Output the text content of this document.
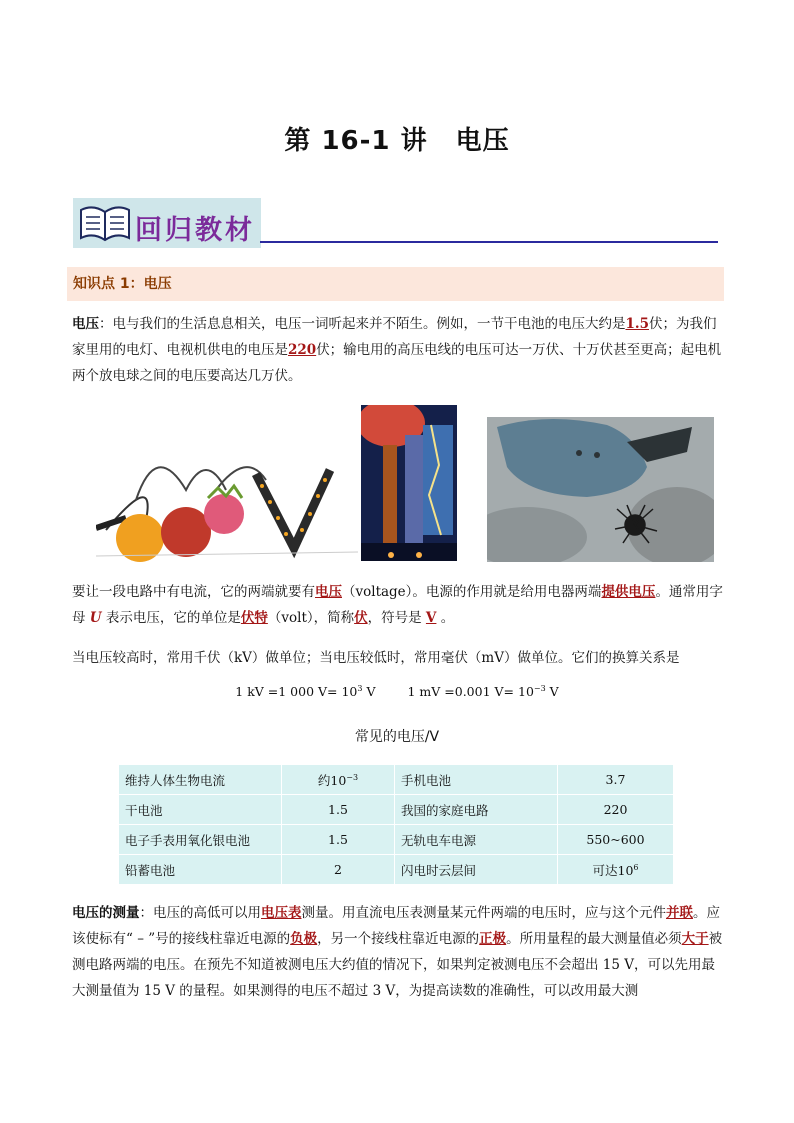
第 16-1 讲 电压
回归教材
知识点 1：电压
电压：电与我们的生活息息相关，电压一词听起来并不陌生。例如，一节干电池的电压大约是1.5伏；为我们家里用的电灯、电视机供电的电压是220伏；输电用的高压电线的电压可达一万伏、十万伏甚至更高；起电机两个放电球之间的电压要高达几万伏。
要让一段电路中有电流，它的两端就要有电压（voltage）。电源的作用就是给用电器两端提供电压。通常用字母 U 表示电压，它的单位是伏特（volt），简称伏，符号是 V 。
当电压较高时，常用千伏（kV）做单位；当电压较低时，常用毫伏（mV）做单位。它们的换算关系是
1 kV =1 000 $V= 10^3$ V	1 mV =0.001 $V= 10^{-3}$ V
常见的电压/V
维持人体生物电流	约$10^{-3}$	手机电池	3.7
干电池	1.5	我国的家庭电路	220
电子手表用氧化银电池	1.5	无轨电车电源	550~600
铅蓄电池	2	闪电时云层间	可达$10^6$
电压的测量：电压的高低可以用电压表测量。用直流电压表测量某元件两端的电压时，应与这个元件并联。应该使标有“ – ”号的接线柱靠近电源的负极，另一个接线柱靠近电源的正极。所用量程的最大测量值必须大于被测电路两端的电压。在预先不知道被测电压大约值的情况下，如果判定被测电压不会超出 15 V，可以先用最大测量值为 15 V 的量程。如果测得的电压不超过 3 V，为提高读数的准确性，可以改用最大测
